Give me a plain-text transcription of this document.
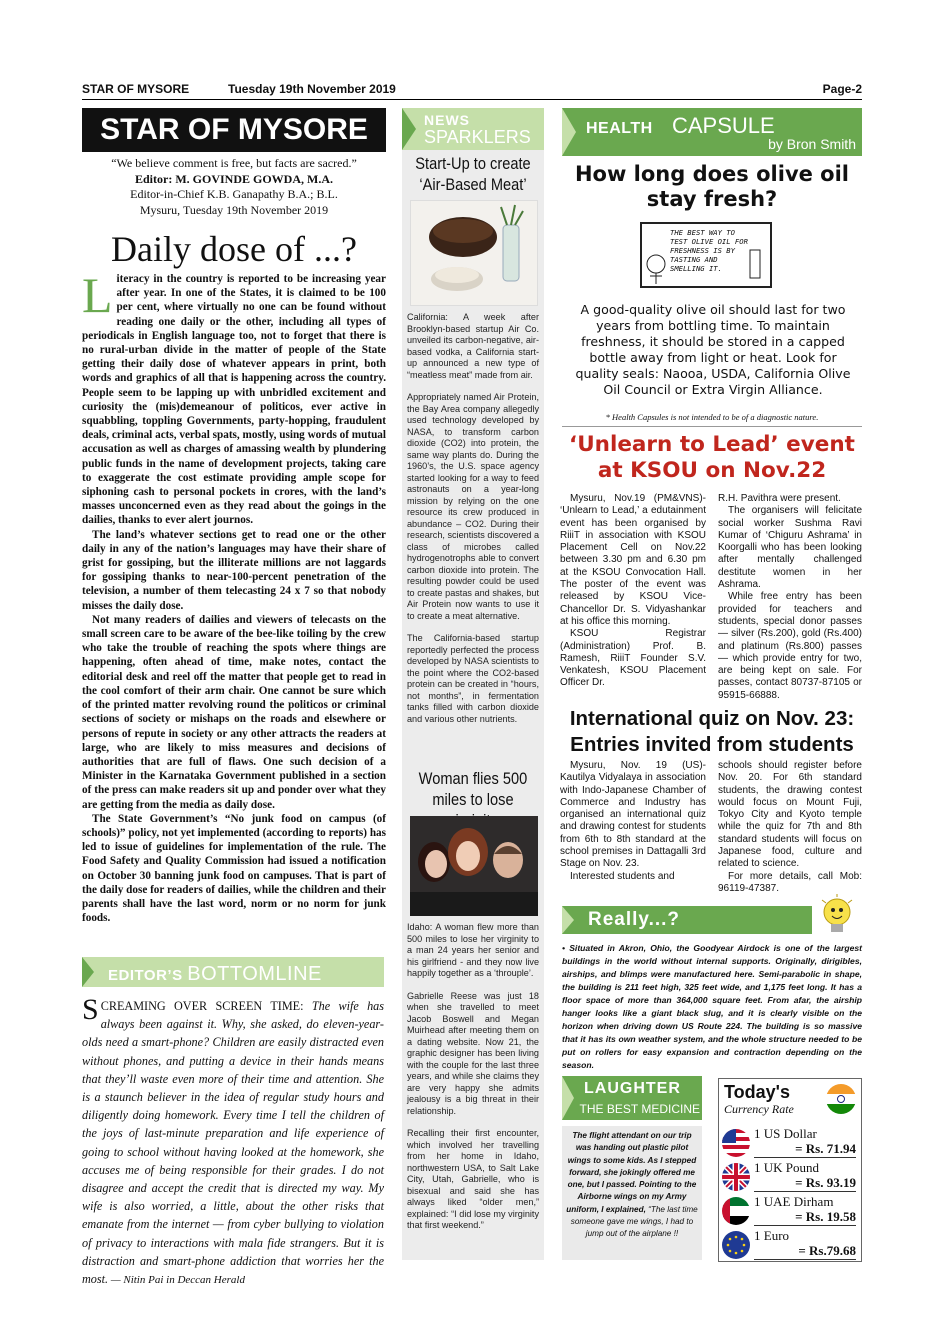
STAR OF MYSORE	Tuesday 19th November 2019	Page-2
STAR OF MYSORE
“We believe comment is free, but facts are sacred.”
Editor: M. GOVINDE GOWDA, M.A.
Editor-in-Chief K.B. Ganapathy B.A.; B.L.
Mysuru, Tuesday 19th November 2019
Daily dose of ...?

Literacy in the country is reported to be increasing year after year. In one of the States, it is claimed to be 100 per cent, where virtually no one can be found without reading one daily or the other, including all types of periodicals in English language too, not to forget that there is no rural-urban divide in the matter of people of the State getting their daily dose of whatever appears in print, both words and graphics of all that is happening across the country. People seem to be lapping up with unbridled excitement and curiosity the (mis)demeanour of politicos, ever active in squabbling, toppling Governments, party-hopping, fraudulent deals, criminal acts, verbal spats, mostly, using words of mutual accusation as well as charges of amassing wealth by plundering public funds in the name of development projects, taking care to exaggerate the cost estimate providing ample scope for siphoning cash to personal pockets in crores, with the land’s masses unconcerned even as they read about the goings in the dailies, thanks to ever alert journos.

The land’s whatever sections get to read one or the other daily in any of the nation’s languages may have their share of grist for gossiping, but the illiterate millions are not laggards for gossiping thanks to near-100-percent penetration of the television, a number of them telecasting 24 x 7 so that nobody misses the daily dose.

Not many readers of dailies and viewers of telecasts on the small screen care to be aware of the bee-like toiling by the crew who take the trouble of reaching the spots where things are happening, often ahead of time, make notes, contact the editorial desk and reel off the matter that people get to read in the cool comfort of their arm chair. One cannot be sure which of the printed matter revolving round the politicos or criminal sections of society or mishaps on the roads and elsewhere or persons of repute in society or any other attracts the readers at large, who are likely to miss measures and decisions of authorities that are full of flaws. One such decision of a Minister in the Karnataka Government published in a section of the press can make readers sit up and ponder over what they are getting from the media as daily dose.

The State Government’s “No junk food on campus (of schools)” policy, not yet implemented (according to reports) has led to issue of guidelines for implementation of the rule. The Food Safety and Quality Commission had issued a notification on October 30 banning junk food on campuses. That is part of the daily dose for readers of dailies, while the children and their parents shall have the last word, norm or no norm for junk foods.

EDITOR’S BOTTOMLINE
SCREAMING OVER SCREEN TIME: The wife has always been against it. Why, she asked, do eleven-year-olds need a smart-phone? Children are easily distracted even without phones, and putting a device in their hands means that they’ll waste even more of their time and attention. She is a staunch believer in the idea of regular study hours and diligently doing homework. Every time I tell the children of the joys of last-minute preparation and life experience of going to school without having looked at the homework, she accuses me of being responsible for their grades. I do not disagree and accept the credit that is directed my way. My wife is also worried, a little, about the other risks that emanate from the internet — from cyber bullying to violation of privacy to interactions with mala fide strangers. But it is distraction and smart-phone addiction that worries her the most. — Nitin Pai in Deccan Herald
NEWS
SPARKLERS
Start-Up to create ‘Air-Based Meat’

California: A week after Brooklyn-based startup Air Co. unveiled its carbon-negative, air-based vodka, a California start-up announced a new type of “meatless meat” made from air.

Appropriately named Air Protein, the Bay Area company allegedly used technology developed by NASA, to transform carbon dioxide (CO2) into protein, the same way plants do. During the 1960’s, the U.S. space agency started looking for a way to feed astronauts on a year-long mission by relying on the one resource its crew produced in abundance – CO2. During their research, scientists discovered a class of microbes called hydrogenotrophs able to convert carbon dioxide into protein. The resulting powder could be used to create pastas and shakes, but Air Protein now wants to use it to create a meat alternative.

The California-based startup reportedly perfected the process developed by NASA scientists to the point where the CO2-based protein can be created in “hours, not months”, in fermentation tanks filled with carbon dioxide and various other nutrients.

Woman flies 500 miles to lose

Idaho: A woman flew more than 500 miles to lose her virginity to a man 24 years her senior and his girlfriend - and they now live happily together as a ‘throuple’.

Gabrielle Reese was just 18 when she travelled to meet Jacob Boswell and Megan Muirhead after meeting them on a dating website. Now 21, the graphic designer has been living with the couple for the last three years, and while she claims they are very happy she admits jealousy is a big threat in their relationship.

Recalling their first encounter, which involved her travelling from her home in Idaho, northwestern USA, to Salt Lake City, Utah, Gabrielle, who is bisexual and said she has always liked “older men,” explained: “I did lose my virginity that first weekend.”

HEALTH CAPSULE
by Bron Smith
How long does olive oil stay fresh?
THE BEST WAY TO TEST OLIVE OIL FOR FRESHNESS IS BY TASTING AND SMELLING IT.
A good-quality olive oil should last for two years from bottling time. To maintain freshness, it should be stored in a capped bottle away from light or heat. Look for quality seals: Naooa, USDA, California Olive Oil Council or Extra Virgin Alliance.
* Health Capsules is not intended to be of a diagnostic nature.
‘Unlearn to Lead’ event at KSOU on Nov.22

Mysuru, Nov.19 (PM&VNS)- ‘Unlearn to Lead,’ a edutainment event has been organised by RiiiT in association with KSOU Placement Cell on Nov.22 between 3.30 pm and 6.30 pm at the KSOU Convocation Hall. The poster of the event was released by KSOU Vice-Chancellor Dr. S. Vidyashankar at his office this morning.

KSOU Registrar (Administration) Prof. B. Ramesh, RiiiT Founder S.V. Venkatesh, KSOU Placement Officer Dr.

R.H. Pavithra were present.

The organisers will felicitate social worker Sushma Ravi Kumar of ‘Chiguru Ashrama’ in Koorgalli who has been looking after mentally challenged destitute women in her Ashrama.

While free entry has been provided for teachers and students, special donor passes — silver (Rs.200), gold (Rs.400) and platinum (Rs.800) passes — which provide entry for two, are being kept on sale. For passes, contact 80737-87105 or 95915-66888.

International quiz on Nov. 23: Entries invited from students

Mysuru, Nov. 19 (US)- Kautilya Vidyalaya in association with Indo-Japanese Chamber of Commerce and Industry has organised an international quiz and drawing contest for students from 6th to 8th standard at the school premises in Dattagalli 3rd Stage on Nov. 23.

Interested students and

schools should register before Nov. 20. For 6th standard students, the drawing contest would focus on Mount Fuji, Tokyo City and Kyoto temple while the quiz for 7th and 8th standard students will focus on Japanese food, culture and related to science.

For more details, call Mob: 96119-47387.

Really...?
• Situated in Akron, Ohio, the Goodyear Airdock is one of the largest buildings in the world without internal supports. Originally, dirigibles, airships, and blimps were manufactured here. Semi-parabolic in shape, the building is 211 feet high, 325 feet wide, and 1,175 feet long. It has a floor space of more than 364,000 square feet. From afar, the airship hanger looks like a giant black slug, and it is clearly visible on the horizon when driving down US Route 224. The building is so massive that it has its own weather system, and the whole structure needed to be put on rollers for easy expansion and contraction depending on the season.
LAUGHTER
THE BEST MEDICINE
The flight attendant on our trip was handing out plastic pilot wings to some kids. As I stepped forward, she jokingly offered me one, but I passed. Pointing to the Airborne wings on my Army uniform, I explained, “The last time someone gave me wings, I had to jump out of the airplane !!
Today's
Currency Rate
1 US Dollar
= Rs. 71.94
1 UK Pound
= Rs. 93.19
1 UAE Dirham
= Rs. 19.58
1 Euro
= Rs.79.68
